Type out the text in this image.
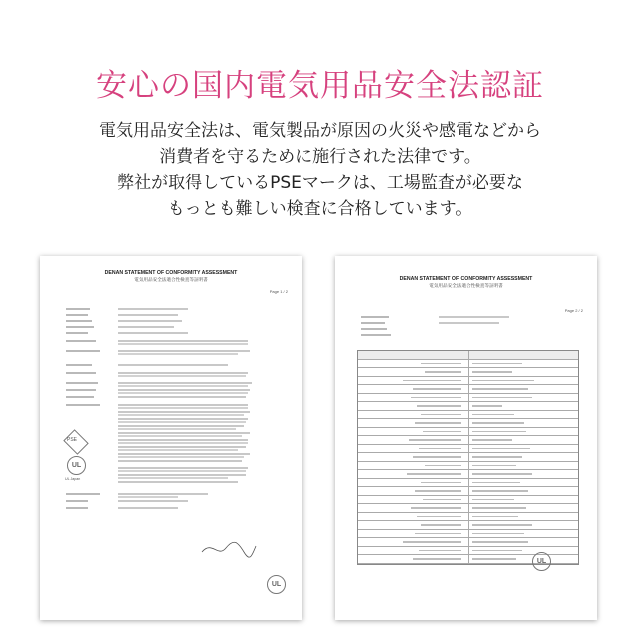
安心の国内電気用品安全法認証
電気用品安全法は、電気製品が原因の火災や感電などから
消費者を守るために施行された法律です。
弊社が取得しているPSEマークは、工場監査が必要な
もっとも難しい検査に合格しています。
DENAN STATEMENT OF CONFORMITY ASSESSMENT
電気用品安全法適合性検査等証明書
Page 1 / 2
PSE
UL
UL Japan
UL
DENAN STATEMENT OF CONFORMITY ASSESSMENT
電気用品安全法適合性検査等証明書
Page 2 / 2
UL
